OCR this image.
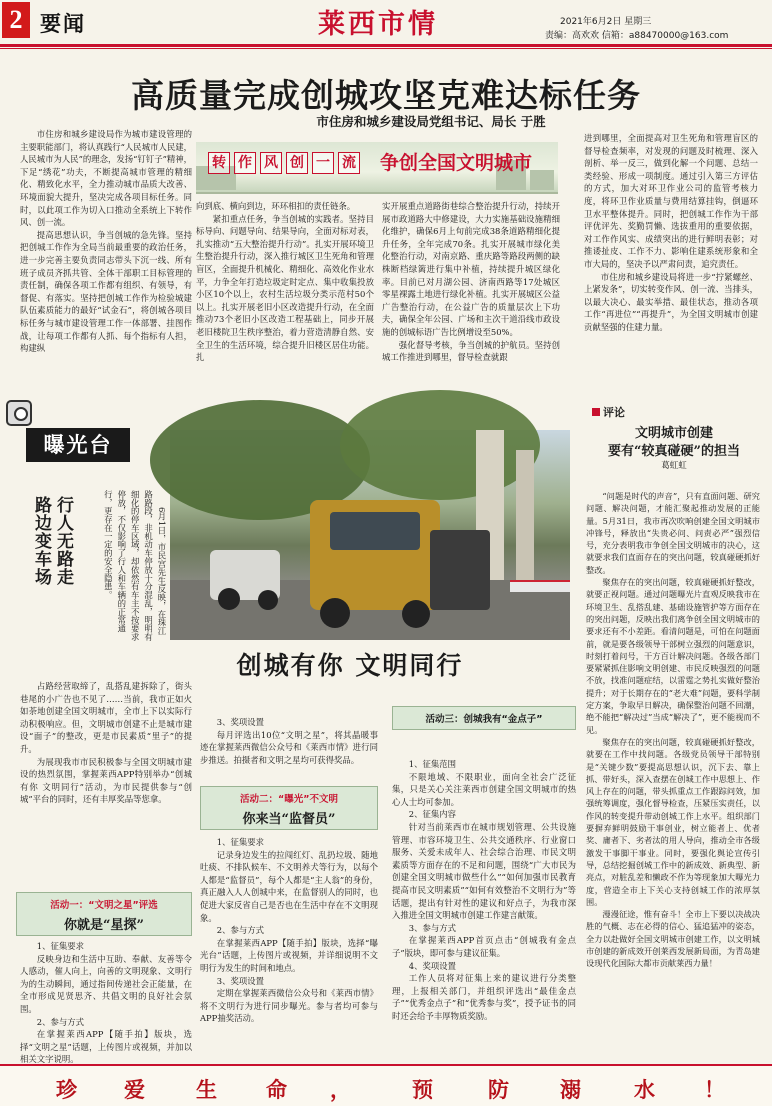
2 要闻	莱西市情	2021年6月2日 星期三
责编：高欢欢 信箱：a88470000@163.com
高质量完成创城攻坚克难达标任务
市住房和城乡建设局党组书记、局长 于胜
转 作 风 创 一 流 争创全国文明城市

市住房和城乡建设局作为城市建设管理的主要职能部门，将认真践行“人民城市人民建，人民城市为人民”的理念，发扬“钉钉子”精神，下足“绣花”功夫，不断提高城市管理的精细化、精致化水平，全力推动城市品质大改善、环境面貌大提升，坚决完成各项目标任务。同时，以此项工作为切入口推动全系统上下转作风、创一流。

提高思想认识，争当创城的急先锋。坚持把创城工作作为全局当前最重要的政治任务，进一步完善主要负责同志带头下沉一线、所有班子成员齐抓共管、全体干部职工目标管理的责任制，确保各项工作都有组织、有领导，有督促、有落实。坚持把创城工作作为检验城建队伍素质能力的最好“试金石”，将创城各项目标任务与城市建设管理工作一体部署、挂图作战，让每项工作都有人抓、每个指标有人担，构建纵

向到底、横向到边，环环相扣的责任链条。

紧扣重点任务，争当创城的实践者。坚持目标导向、问题导向、结果导向，全面对标对表，扎实推动“五大整治提升行动”。扎实开展环境卫生整治提升行动，深入推行城区卫生死角和管理盲区，全面提升机械化、精细化、高效化作业水平，力争全年打造垃圾定时定点、集中收集投放小区10个以上，农村生活垃圾分类示范村50个以上。扎实开展老旧小区改造提升行动，在全面推动73个老旧小区改造工程基础上，同步开展老旧楼院卫生秩序整治，着力营造清静自然、安全卫生的生活环境，综合提升旧楼区居住功能。扎

实开展重点道路街巷综合整治提升行动，持续开展市政道路大中修建设，大力实施基础设施精细化维护，确保6月上旬前完成38条道路精细化提升任务，全年完成70条。扎实开展城市绿化美化整治行动，对南京路、重庆路等路段两侧的缺株断档绿篱进行集中补植，持续提升城区绿化率。目前已对月湖公园、济南西路等17处城区零星裸露土地进行绿化补植。扎实开展城区公益广告整治行动，在公益广告的质量层次上下功夫，确保全年公园、广场和主次干道沿线市政设施的创城标语广告比例增设至50%。

强化督导考核，争当创城的护航员。坚持创城工作推进到哪里，督导检查就跟

进到哪里，全面提高对卫生死角和管理盲区的督导检查频率，对发现的问题及时梳理、深入剖析、举一反三，做到化解一个问题、总结一类经验、形成一项制度。通过引入第三方评估的方式，加大对环卫作业公司的监管考核力度，将环卫作业质量与费用结算挂钩，倒逼环卫水平整体提升。同时，把创城工作作为干部评优评先、奖勤罚懒、选拔重用的重要依据，对工作作风实、成绩突出的进行鲜明表彰；对推诿扯皮、工作不力、影响住建系统形象和全市大局的，坚决予以严肃问责，追究责任。

市住房和城乡建设局将进一步“拧紧螺丝、上紧发条”，切实转变作风、创一流、当排头，以最大决心、最实举措、最佳状态，推动各项工作“再进位”“再提升”，为全国文明城市创建贡献坚强的住建力量。

曝光台
行人无路走
路边变车场	6月1日，市民宫先生反映，在珠江路路段，非机动车停放十分混乱，明明有细化的停车区域，却依然有车主不按要求停放，不仅影响了行人和车辆的正常通行，更存在一定的安全隐患。
评论
文明城市创建
要有“较真碰硬”的担当
葛虹虹

“问题是时代的声音”，只有直面问题、研究问题、解决问题，才能汇聚起推动发展的正能量。5月31日，我市再次吹响创建全国文明城市冲锋号，释放出“失贵必问、问责必严”强烈信号，充分表明我市争创全国文明城市的决心，这就要求我们直面存在的突出问题，较真碰硬抓好整改。

聚焦存在的突出问题，较真碰硬抓好整改，就要正视问题。通过问题曝光片直观反映我市在环境卫生、乱搭乱建、基础设施管护等方面存在的突出问题，反映出我们离争创全国文明城市的要求还有不小差距。看清问题是，可怕在问题面前，就是要各级领导干部树立强烈的问题意识，时刻打着问号，干方百计解决问题。各级各部门要紧紧抓住影响文明创建、市民反映强烈的问题不放，找准问题症结，以雷霆之势扎实做好整治提升；对于长期存在的“老大难”问题，要科学制定方案，争取早日解决，确保整治问题不回潮，绝不能把“解决过”当成“解决了”，更不能视而不见。

聚焦存在的突出问题，较真碰硬抓好整改，就要在工作中找问题。各级党员领导干部特别是“关键少数”要提高思想认识，沉下去、靠上抓、带好头，深入查摆在创城工作中思想上、作风上存在的问题，带头抓重点工作跟踪问效，加强统筹调度，强化督导检查，压紧压实责任，以作风的转变提升带动创城工作上水平。组织部门要摒弃鲜明鼓励干事创业，树立能者上、优者奖、庸者下、劣者汰的用人导向，推动全市各级激发干事脚干事业。同时，要强化舆论宣传引导，总结挖掘创城工作中的新成效、新典型、新亮点，对脏乱差和懒政不作为等现象加大曝光力度，营造全市上下关心支持创城工作的浓厚氛围。

漫漫征途，惟有奋斗！全市上下要以决战决胜的气概、志在必得的信心、猛追猛冲的姿态，全力以赴做好全国文明城市创建工作，以文明城市创建的新成效开创莱西发展新局面，为青岛建设现代化国际大都市贡献莱西力量！

创城有你 文明同行

占路经营取缔了，乱搭乱建拆除了，街头巷尾的小广告也不见了……当前，我市正如火如荼地创建全国文明城市，全市上下以实际行动积极响应。但，文明城市创建不止是城市建设“面子”的整改，更是市民素质“里子”的提升。

为展现我市市民积极参与全国文明城市建设的热烈氛围，掌握莱西APP特别举办“创城有你 文明同行”活动，为市民提供参与“创城”平台的同时，还有丰厚奖品等您拿。

活动一：“文明之星”评选
你就是“星探”

1、征集要求

反映身边和生活中互助、奉献、友善等令人感动，催人向上，向善的文明现象、文明行为的生动瞬间，通过指间传递社会正能量，在全市形成见贤思齐、共倡文明的良好社会氛围。

2、参与方式

在掌握莱西APP【随手拍】版块，选择“文明之星”话题，上传图片或视频，并加以相关文字说明。

3、奖项设置

每月评选出10位“文明之星”，将其晶暖事迹在掌握莱西微信公众号和《莱西市情》进行同步推送。拍摄者和文明之星均可获得奖品。

活动二：“曝光”不文明
你来当“监督员”

1、征集要求

记录身边发生的拉闯红灯、乱扔垃圾、随地吐痰、不排队候车、不文明养犬等行为，以每个人都是“监督员”，每个人都是“主人翁”的身份，真正融入人人创城中来，在监督别人的同时，也促进大家反省自己是否也在生活中存在不文明现象。

2、参与方式

在掌握莱西APP【随手拍】版块，选择“曝光台”话题，上传图片或视频，并详细说明不文明行为发生的时间和地点。

3、奖项设置

定期在掌握莱西微信公众号和《莱西市情》将不文明行为进行同步曝光。参与者均可参与APP抽奖活动。

活动三：创城我有“金点子”

1、征集范围

不限地域、不限职业，面向全社会广泛征集，只是关心关注莱西市创建全国文明城市的热心人士均可参加。

2、征集内容

针对当前莱西市在城市规划管理、公共设施管理、市容环境卫生、公共交通秩序、行业窗口服务、关爱未成年人、社会综合治理、市民文明素质等方面存在的不足和问题，围绕“广大市民为创建全国文明城市做些什么”“如何加强市民教育提高市民文明素质”“如何有效整治不文明行为”等话题，提出有针对性的建议和好点子，为我市深入推进全国文明城市创建工作建言献策。

3、参与方式

在掌握莱西APP首页点击“创城我有金点子”版块，即可参与建议征集。

4、奖项设置

工作人员将对征集上来的建议进行分类整理，上报相关部门，并组织评选出“最佳金点子”“优秀金点子”和“优秀参与奖”，授予证书的同时还会给予丰厚物质奖励。

珍 爱 生 命 ，	预	防 溺	水 ！
